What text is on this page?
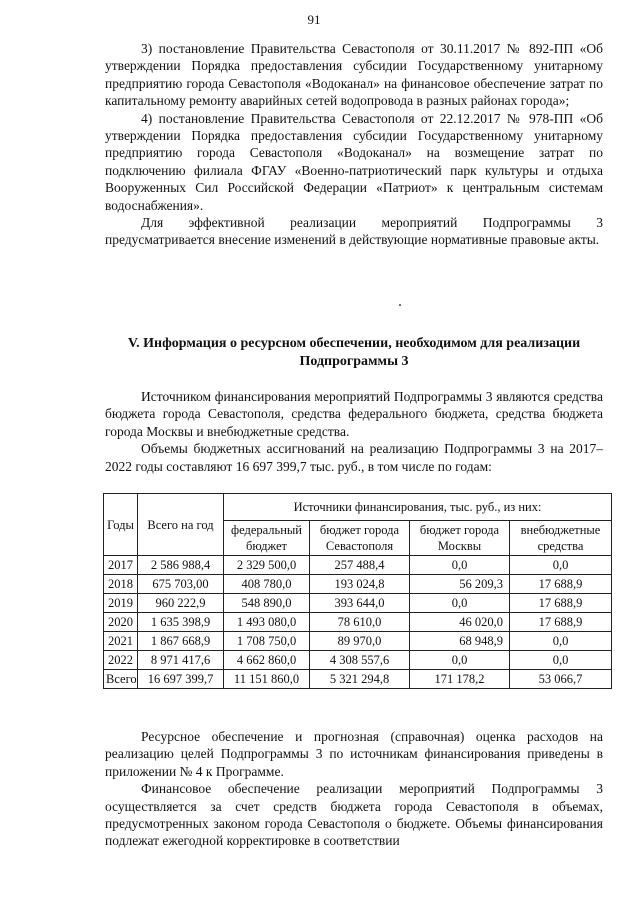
91

3) постановление Правительства Севастополя от 30.11.2017 № 892-ПП «Об утверждении Порядка предоставления субсидии Государственному унитарному предприятию города Севастополя «Водоканал» на финансовое обеспечение затрат по капитальному ремонту аварийных сетей водопровода в разных районах города»;

4) постановление Правительства Севастополя от 22.12.2017 № 978-ПП «Об утверждении Порядка предоставления субсидии Государственному унитарному предприятию города Севастополя «Водоканал» на возмещение затрат по подключению филиала ФГАУ «Военно-патриотический парк культуры и отдыха Вооруженных Сил Российской Федерации «Патриот» к центральным системам водоснабжения».

Для эффективной реализации мероприятий Подпрограммы 3 предусматривается внесение изменений в действующие нормативные правовые акты.

V. Информация о ресурсном обеспечении, необходимом для реализации
Подпрограммы 3

Источником финансирования мероприятий Подпрограммы 3 являются средства бюджета города Севастополя, средства федерального бюджета, средства бюджета города Москвы и внебюджетные средства.

Объемы бюджетных ассигнований на реализацию Подпрограммы 3 на 2017–2022 годы составляют 16 697 399,7 тыс. руб., в том числе по годам:

Годы	Всего на год	Источники финансирования, тыс. руб., из них:			
		федеральный бюджет	бюджет города Севастополя	бюджет города Москвы	внебюджетные средства
2017	2 586 988,4	2 329 500,0	257 488,4	0,0	0,0
2018	675 703,00	408 780,0	193 024,8	56 209,3	17 688,9
2019	960 222,9	548 890,0	393 644,0	0,0	17 688,9
2020	1 635 398,9	1 493 080,0	78 610,0	46 020,0	17 688,9
2021	1 867 668,9	1 708 750,0	89 970,0	68 948,9	0,0
2022	8 971 417,6	4 662 860,0	4 308 557,6	0,0	0,0
Всего	16 697 399,7	11 151 860,0	5 321 294,8	171 178,2	53 066,7

Ресурсное обеспечение и прогнозная (справочная) оценка расходов на реализацию целей Подпрограммы 3 по источникам финансирования приведены в приложении № 4 к Программе.

Финансовое обеспечение реализации мероприятий Подпрограммы 3 осуществляется за счет средств бюджета города Севастополя в объемах, предусмотренных законом города Севастополя о бюджете. Объемы финансирования подлежат ежегодной корректировке в соответствии
